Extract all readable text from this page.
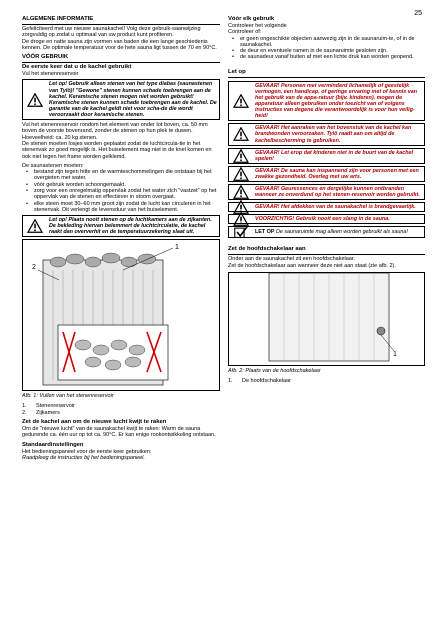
25
ALGEMENE INFORMATIE

Gefeliciteerd met uw nieuwe saunakachel! Volg deze gebruik-saanwijzing zorgvuldig op zodat u optimaal van uw product kunt profiteren.

De droge en natte sauna zijn vormen van baden die een lange geschiedenis kennen. De optimale temperatuur voor de hete sauna ligt tussen de 70 en 90°C.

VÓÓR GEBRUIK
De eerste keer dat u de kachel gebruikt

Vul het stenenreservoir

Let op! Gebruik alleen stenen van het type diabas (saunastenen van Tylö)! "Gewone" stenen kunnen schade toebrengen aan de kachel. Keramische stenen mogen niet worden gebruikt! Keramische stenen kunnen schade toebrengen aan de kachel. De garantie van de kachel geldt niet voor scha-de die wordt veroorzaakt door keramische stenen.

Vul het stenenreservoir rondom het element van onder tot boven, ca. 50 mm boven de voorste bovenrand, zonder de stenen op hun plek te duwen. Hoeveelheid: ca. 20 kg stenen.

De stenen moeten losjes worden geplaatst zodat de luchtcircula-tie in het stenenvak zo goed mogelijk is. Het buiselement mag niet in de knel komen en ook niet tegen het frame worden gelklemd.

De saunastenen moeten:

• bestand zijn tegen hitte en de warmteschommelingen die ontstaan bij het overgieten met water.
• vóór gebruik worden schoongemaakt.
• zorg voor een onregelmatig oppervlak zodat het water zich "vastzet" op het oppervlak van de stenen en effectiever in stoom overgaat.
• elke steen moet 30–60 mm groot zijn zodat de lucht kan circuleren in het stenenvak. Dit verlengt de levensduur van het buiselement.
Let op! Plaats nooit stenen op de luchtkamers aan de zijkanten. De bekleding hiervan belemmert de luchtcirculatie, de kachel raakt dan oververhit en de temperatuurzekering slaat uit.
1
2
Afb. 1: Vullen van het stenenreservoir
1. Stenenreservoir
2. Zijkamers
Zet de kachel aan om de nieuwe lucht kwijt te raken

Om de "nieuwe lucht" van de saunakachel kwijt te raken: Warm de sauna gedurende ca. één uur op tot ca. 90°C. Er kan enige rookontwikkeling ontstaan.

Standaardinstellingen

Het bedieningspaneel voor de eerste keer gebruiken:

Raadpleeg de instructies bij het bedieningspaneel.

Vóór elk gebruik

Controleer het volgende

Controleer of:

• er geen ongeschikte objecten aanwezig zijn in de saunaruim-te, of in de saunakachel.
• de deur en eventuele ramen in de saunaruimte gesloten zijn.
• de saunadeur vanaf buiten af met een lichte druk kan worden geopend.
Let op
GEVAAR! Personen met verminderd lichamelijk of geestelijk vermogen, een handicap, of geringe ervaring met of kennis van het gebruik van de appa-ratuur (bijv. kinderen), mogen de apparatuur alleen gebruiken onder toezicht van of volgens instructies van degene die verantwoordelijk is voor hun veilig-heid!
GEVAAR! Het aanraken van het bovenstuk van de kachel kan brandwonden veroorzaken. Tylö raadt aan om altijd de kachelbescherming te gebruiken.
GEVAAR! Let erop dat kinderen niet in de buurt van de kachel spelen!
GEVAAR! De sauna kan inspannend zijn voor personen met een zwakke gezondheid. Overleg met uw arts.
GEVAAR! Geuressences en dergelijke kunnen ontbranden wanneer ze onverdund op het stenen-reservoir worden gebruikt.
GEVAAR! Het afdekken van de saunakachel is brandgevaarlijk.
VOORZICHTIG! Gebruik nooit een slang in de sauna.
LET OP De saunaruimte mag alleen worden gebruikt als sauna!
Zet de hoofdschakelaar aan

Onder aan de saunakachel zit een hoofdschakelaar.

Zet de hoofdschakelaar aan wanneer deze niet aan staat (zie afb. 2).

1
Afb. 2: Plaats van de hoofdschakelaar
1. De hoofdschakelaar
